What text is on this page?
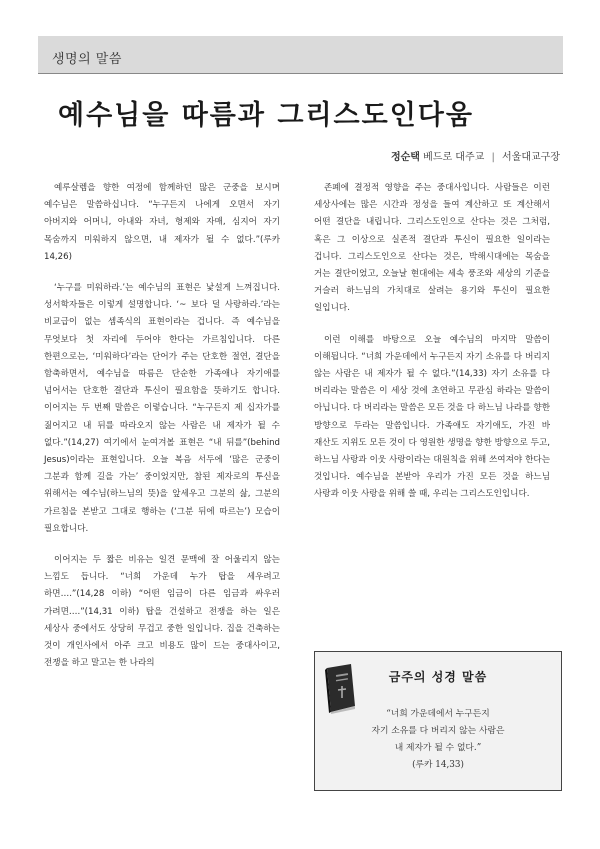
생명의 말씀
예수님을 따름과 그리스도인다움
정순택 베드로 대주교 | 서울대교구장

예루살렘을 향한 여정에 함께하던 많은 군중을 보시며 예수님은 말씀하십니다. “누구든지 나에게 오면서 자기 아버지와 어머니, 아내와 자녀, 형제와 자매, 심지어 자기 목숨까지 미워하지 않으면, 내 제자가 될 수 없다.”(루카 14,26)

‘누구를 미워하라.’는 예수님의 표현은 낯설게 느껴집니다. 성서학자들은 이렇게 설명합니다. ‘~ 보다 덜 사랑하라.’라는 비교급이 없는 셈족식의 표현이라는 겁니다. 즉 예수님을 무엇보다 첫 자리에 두어야 한다는 가르침입니다. 다른 한편으로는, ‘미워하다’라는 단어가 주는 단호한 절연, 결단을 함축하면서, 예수님을 따름은 단순한 가족애나 자기애를 넘어서는 단호한 결단과 투신이 필요함을 뜻하기도 합니다. 이어지는 두 번째 말씀은 이렇습니다. “누구든지 제 십자가를 짊어지고 내 뒤를 따라오지 않는 사람은 내 제자가 될 수 없다.”(14,27) 여기에서 눈여겨볼 표현은 “내 뒤를”(behind Jesus)이라는 표현입니다. 오늘 복음 서두에 ‘많은 군중이 그분과 함께 길을 가는’ 중이었지만, 참된 제자로의 투신을 위해서는 예수님(하느님의 뜻)을 앞세우고 그분의 삶, 그분의 가르침을 본받고 그대로 행하는 (‘그분 뒤에 따르는’) 모습이 필요합니다.

이어지는 두 짧은 비유는 일견 문맥에 잘 어울리지 않는 느낌도 듭니다. “너희 가운데 누가 탑을 세우려고 하면….”(14,28 이하) “어떤 임금이 다른 임금과 싸우러 가려면….”(14,31 이하) 탑을 건설하고 전쟁을 하는 일은 세상사 중에서도 상당히 무겁고 중한 일입니다. 집을 건축하는 것이 개인사에서 아주 크고 비용도 많이 드는 중대사이고, 전쟁을 하고 말고는 한 나라의

존폐에 결정적 영향을 주는 중대사입니다. 사람들은 이런 세상사에는 많은 시간과 정성을 들여 계산하고 또 계산해서 어떤 결단을 내립니다. 그리스도인으로 산다는 것은 그처럼, 혹은 그 이상으로 실존적 결단과 투신이 필요한 일이라는 겁니다. 그리스도인으로 산다는 것은, 박해시대에는 목숨을 거는 결단이었고, 오늘날 현대에는 세속 풍조와 세상의 기준을 거슬러 하느님의 가치대로 살려는 용기와 투신이 필요한 일입니다.

이런 이해를 바탕으로 오늘 예수님의 마지막 말씀이 이해됩니다. “너희 가운데에서 누구든지 자기 소유를 다 버리지 않는 사람은 내 제자가 될 수 없다.”(14,33) 자기 소유를 다 버리라는 말씀은 이 세상 것에 초연하고 무관심 하라는 말씀이 아닙니다. 다 버리라는 말씀은 모든 것을 다 하느님 나라를 향한 방향으로 두라는 말씀입니다. 가족애도 자기애도, 가진 바 재산도 지위도 모든 것이 다 영원한 생명을 향한 방향으로 두고, 하느님 사랑과 이웃 사랑이라는 대원칙을 위해 쓰여져야 한다는 것입니다. 예수님을 본받아 우리가 가진 모든 것을 하느님 사랑과 이웃 사랑을 위해 쓸 때, 우리는 그리스도인입니다.

금주의 성경 말씀
“너희 가운데에서 누구든지
자기 소유를 다 버리지 않는 사람은
내 제자가 될 수 없다.”
(루카 14,33)
